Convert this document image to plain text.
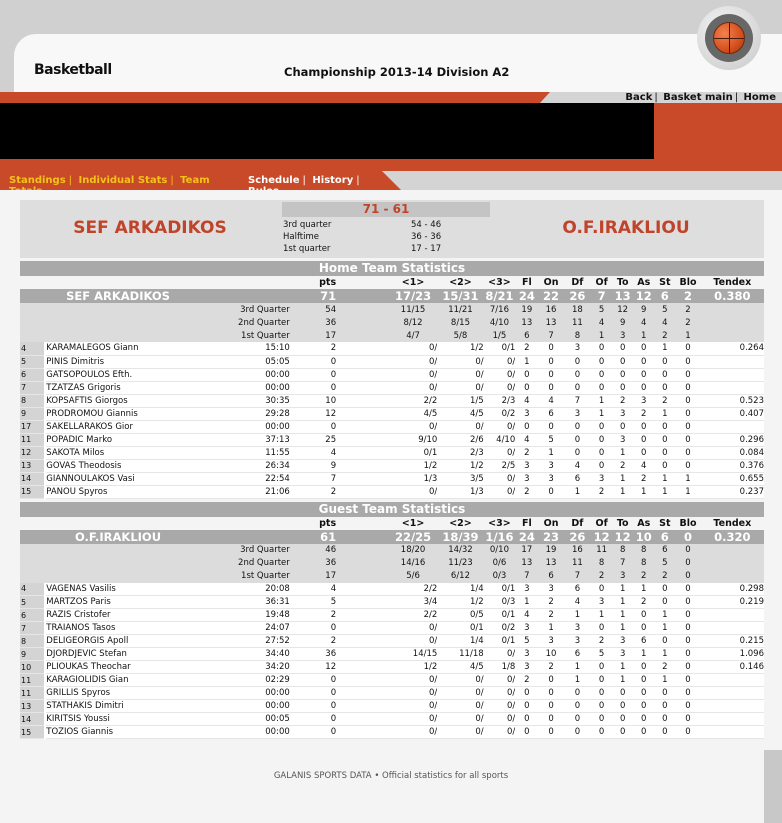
Basketball	Championship 2013-14 Division A2
Back | Basket main | Home
Standings | Individual Stats | Team	Schedule | History |
SEF ARKADIKOS
71 - 61
3rd quarter	54 - 46
Halftime	36 - 36
1st quarter	17 - 17
O.F.IRAKLIOU
Home Team Statistics
			pts		<1>	<2>	<3>	Fl	On	Df	Of	To	As	St	Blo	Tendex
SEF ARKADIKOS			71		17/23	15/31	8/21	24	22	26	7	13	12	6	2	0.380
	3rd Quarter		54		11/15	11/21	7/16	19	16	18	5	12	9	5	2	
	2nd Quarter		36		8/12	8/15	4/10	13	13	11	4	9	4	4	2	
	1st Quarter		17		4/7	5/8	1/5	6	7	8	1	3	1	2	1	
4	KARAMALEGOS Giann	15:10	2		0/	1/2	0/1	2	0	3	0	0	0	1	0	0.264
5	PINIS Dimitris	05:05	0		0/	0/	0/	1	0	0	0	0	0	0	0	
6	GATSOPOULOS Efth.	00:00	0		0/	0/	0/	0	0	0	0	0	0	0	0	
7	TZATZAS Grigoris	00:00	0		0/	0/	0/	0	0	0	0	0	0	0	0	
8	KOPSAFTIS Giorgos	30:35	10		2/2	1/5	2/3	4	4	7	1	2	3	2	0	0.523
9	PRODROMOU Giannis	29:28	12		4/5	4/5	0/2	3	6	3	1	3	2	1	0	0.407
17	SAKELLARAKOS Gior	00:00	0		0/	0/	0/	0	0	0	0	0	0	0	0	
11	POPADIC Marko	37:13	25		9/10	2/6	4/10	4	5	0	0	3	0	0	0	0.296
12	SAKOTA Milos	11:55	4		0/1	2/3	0/	2	1	0	0	1	0	0	0	0.084
13	GOVAS Theodosis	26:34	9		1/2	1/2	2/5	3	3	4	0	2	4	0	0	0.376
14	GIANNOULAKOS Vasi	22:54	7		1/3	3/5	0/	3	3	6	3	1	2	1	1	0.655
15	PANOU Spyros	21:06	2		0/	1/3	0/	2	0	1	2	1	1	1	1	0.237
Guest Team Statistics
			pts		<1>	<2>	<3>	Fl	On	Df	Of	To	As	St	Blo	Tendex
O.F.IRAKLIOU			61		22/25	18/39	1/16	24	23	26	12	12	10	6	0	0.320
	3rd Quarter		46		18/20	14/32	0/10	17	19	16	11	8	8	6	0	
	2nd Quarter		36		14/16	11/23	0/6	13	13	11	8	7	8	5	0	
	1st Quarter		17		5/6	6/12	0/3	7	6	7	2	3	2	2	0	
4	VAGENAS Vasilis	20:08	4		2/2	1/4	0/1	3	3	6	0	1	1	0	0	0.298
5	MARTZOS Paris	36:31	5		3/4	1/2	0/3	1	2	4	3	1	2	0	0	0.219
6	RAZIS Cristofer	19:48	2		2/2	0/5	0/1	4	2	1	1	1	0	1	0	
7	TRAIANOS Tasos	24:07	0		0/	0/1	0/2	3	1	3	0	1	0	1	0	
8	DELIGEORGIS Apoll	27:52	2		0/	1/4	0/1	5	3	3	2	3	6	0	0	0.215
9	DJORDJEVIC Stefan	34:40	36		14/15	11/18	0/	3	10	6	5	3	1	1	0	1.096
10	PLIOUKAS Theochar	34:20	12		1/2	4/5	1/8	3	2	1	0	1	0	2	0	0.146
11	KARAGIOLIDIS Gian	02:29	0		0/	0/	0/	2	0	1	0	1	0	1	0	
11	GRILLIS Spyros	00:00	0		0/	0/	0/	0	0	0	0	0	0	0	0	
13	STATHAKIS Dimitri	00:00	0		0/	0/	0/	0	0	0	0	0	0	0	0	
14	KIRITSIS Youssi	00:05	0		0/	0/	0/	0	0	0	0	0	0	0	0	
15	TOZIOS Giannis	00:00	0		0/	0/	0/	0	0	0	0	0	0	0	0	
GALANIS SPORTS DATA • Official statistics for all sports
